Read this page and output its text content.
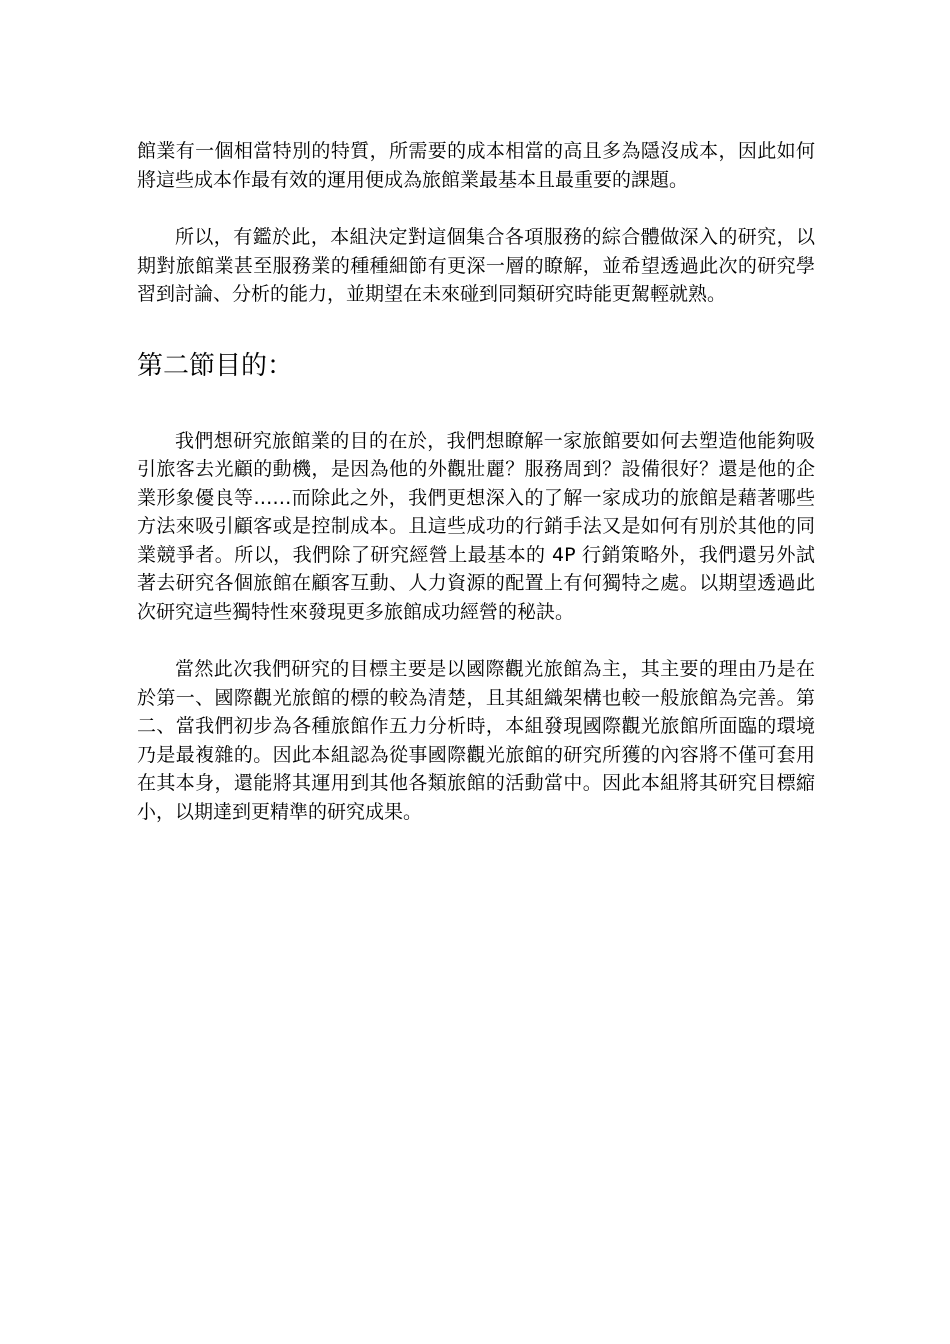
館業有一個相當特別的特質，所需要的成本相當的高且多為隱沒成本，因此如何將這些成本作最有效的運用便成為旅館業最基本且最重要的課題。

所以，有鑑於此，本組決定對這個集合各項服務的綜合體做深入的研究，以期對旅館業甚至服務業的種種細節有更深一層的瞭解，並希望透過此次的研究學習到討論、分析的能力，並期望在未來碰到同類研究時能更駕輕就熟。

第二節目的：

我們想研究旅館業的目的在於，我們想瞭解一家旅館要如何去塑造他能夠吸引旅客去光顧的動機，是因為他的外觀壯麗？服務周到？設備很好？還是他的企業形象優良等……而除此之外，我們更想深入的了解一家成功的旅館是藉著哪些方法來吸引顧客或是控制成本。且這些成功的行銷手法又是如何有別於其他的同業競爭者。所以，我們除了研究經營上最基本的 4P 行銷策略外，我們還另外試著去研究各個旅館在顧客互動、人力資源的配置上有何獨特之處。以期望透過此次研究這些獨特性來發現更多旅館成功經營的秘訣。

當然此次我們研究的目標主要是以國際觀光旅館為主，其主要的理由乃是在於第一、國際觀光旅館的標的較為清楚，且其組織架構也較一般旅館為完善。第二、當我們初步為各種旅館作五力分析時，本組發現國際觀光旅館所面臨的環境乃是最複雜的。因此本組認為從事國際觀光旅館的研究所獲的內容將不僅可套用在其本身，還能將其運用到其他各類旅館的活動當中。因此本組將其研究目標縮小，以期達到更精準的研究成果。
